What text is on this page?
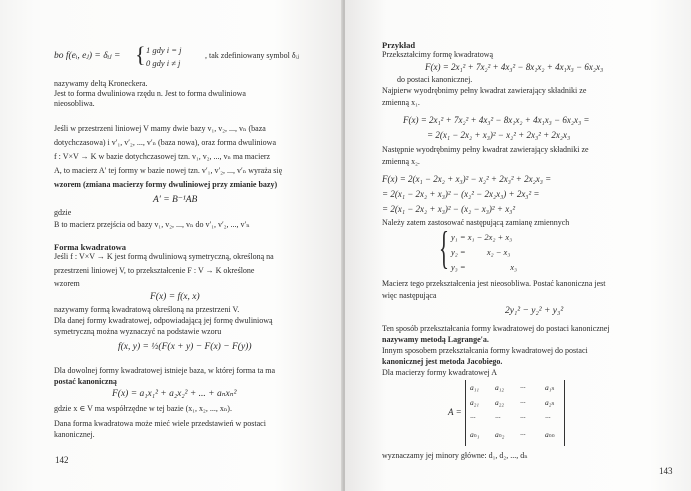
bo f(eᵢ, eⱼ) = δᵢⱼ = { 1 gdy i = j
0 gdy i ≠ j
, tak zdefiniowany symbol δᵢⱼ
nazywamy deltą Kroneckera.
Jest to forma dwuliniowa rzędu n. Jest to forma dwuliniowa
nieosobliwa.
Jeśli w przestrzeni liniowej V mamy dwie bazy v₁, v₂, ..., vₙ (baza
dotychczasowa) i v′₁, v′₂, ..., v′ₙ (baza nowa), oraz forma dwuliniowa
f : V×V → K w bazie dotychczasowej tzn. v₁, v₂, ..., vₙ ma macierz
A, to macierz A′ tej formy w bazie nowej tzn. v′₁, v′₂, ..., v′ₙ wyraża się
wzorem (zmiana macierzy formy dwuliniowej przy zmianie bazy)
A′ = B⁻¹AB
gdzie
B to macierz przejścia od bazy v₁, v₂, ..., vₙ do v′₁, v′₂, ..., v′ₙ
Forma kwadratowa
Jeśli f : V×V → K jest formą dwuliniową symetryczną, określoną na
przestrzeni liniowej V, to przekształcenie F : V → K określone
wzorem
F(x) = f(x, x)
nazywamy formą kwadratową określoną na przestrzeni V.
Dla danej formy kwadratowej, odpowiadającą jej formę dwuliniową
symetryczną można wyznaczyć na podstawie wzoru
f(x, y) = ½(F(x + y) − F(x) − F(y))
Dla dowolnej formy kwadratowej istnieje baza, w której forma ta ma
postać kanoniczną
F(x) = a₁x₁² + a₂x₂² + ... + aₙxₙ²
gdzie x ∈ V ma współrzędne w tej bazie (x₁, x₂, ..., xₙ).
Dana forma kwadratowa może mieć wiele przedstawień w postaci
kanonicznej.
142
Przykład
Przekształcimy formę kwadratową
F(x) = 2x₁² + 7x₂² + 4x₃² − 8x₁x₂ + 4x₁x₃ − 6x₂x₃
do postaci kanonicznej.
Najpierw wyodrębnimy pełny kwadrat zawierający składniki ze
zmienną x₁.
F(x) = 2x₁² + 7x₂² + 4x₃² − 8x₁x₂ + 4x₁x₃ − 6x₂x₃ =
= 2(x₁ − 2x₂ + x₃)² − x₂² + 2x₃² + 2x₂x₃
Następnie wyodrębnimy pełny kwadrat zawierający składniki ze
zmienną x₂.
F(x) = 2(x₁ − 2x₂ + x₃)² − x₂² + 2x₃² + 2x₂x₃ =
= 2(x₁ − 2x₂ + x₃)² − (x₂² − 2x₂x₃) + 2x₃² =
= 2(x₁ − 2x₂ + x₃)² − (x₂ − x₃)² + x₃²
Należy zatem zastosować następującą zamianę zmiennych
{ y₁ = x₁ − 2x₂ + x₃
y₂ =          x₂ − x₃
y₃ =                     x₃
Macierz tego przekształcenia jest nieosobliwa. Postać kanoniczna jest
więc następująca
2y₁² − y₂² + y₃²
Ten sposób przekształcania formy kwadratowej do postaci kanonicznej
nazywamy metodą Lagrange'a.
Innym sposobem przekształcania formy kwadratowej do postaci
kanonicznej jest metoda Jacobiego.
Dla macierzy formy kwadratowej A
A =
a₁₁ a₁₂ ···	a₁ₙ
a₂₁ a₂₂ ···	a₂ₙ
···	···	···	···
aₙ₁ aₙ₂ ···	aₙₙ
wyznaczamy jej minory główne: d₁, d₂, ..., dₙ
143
